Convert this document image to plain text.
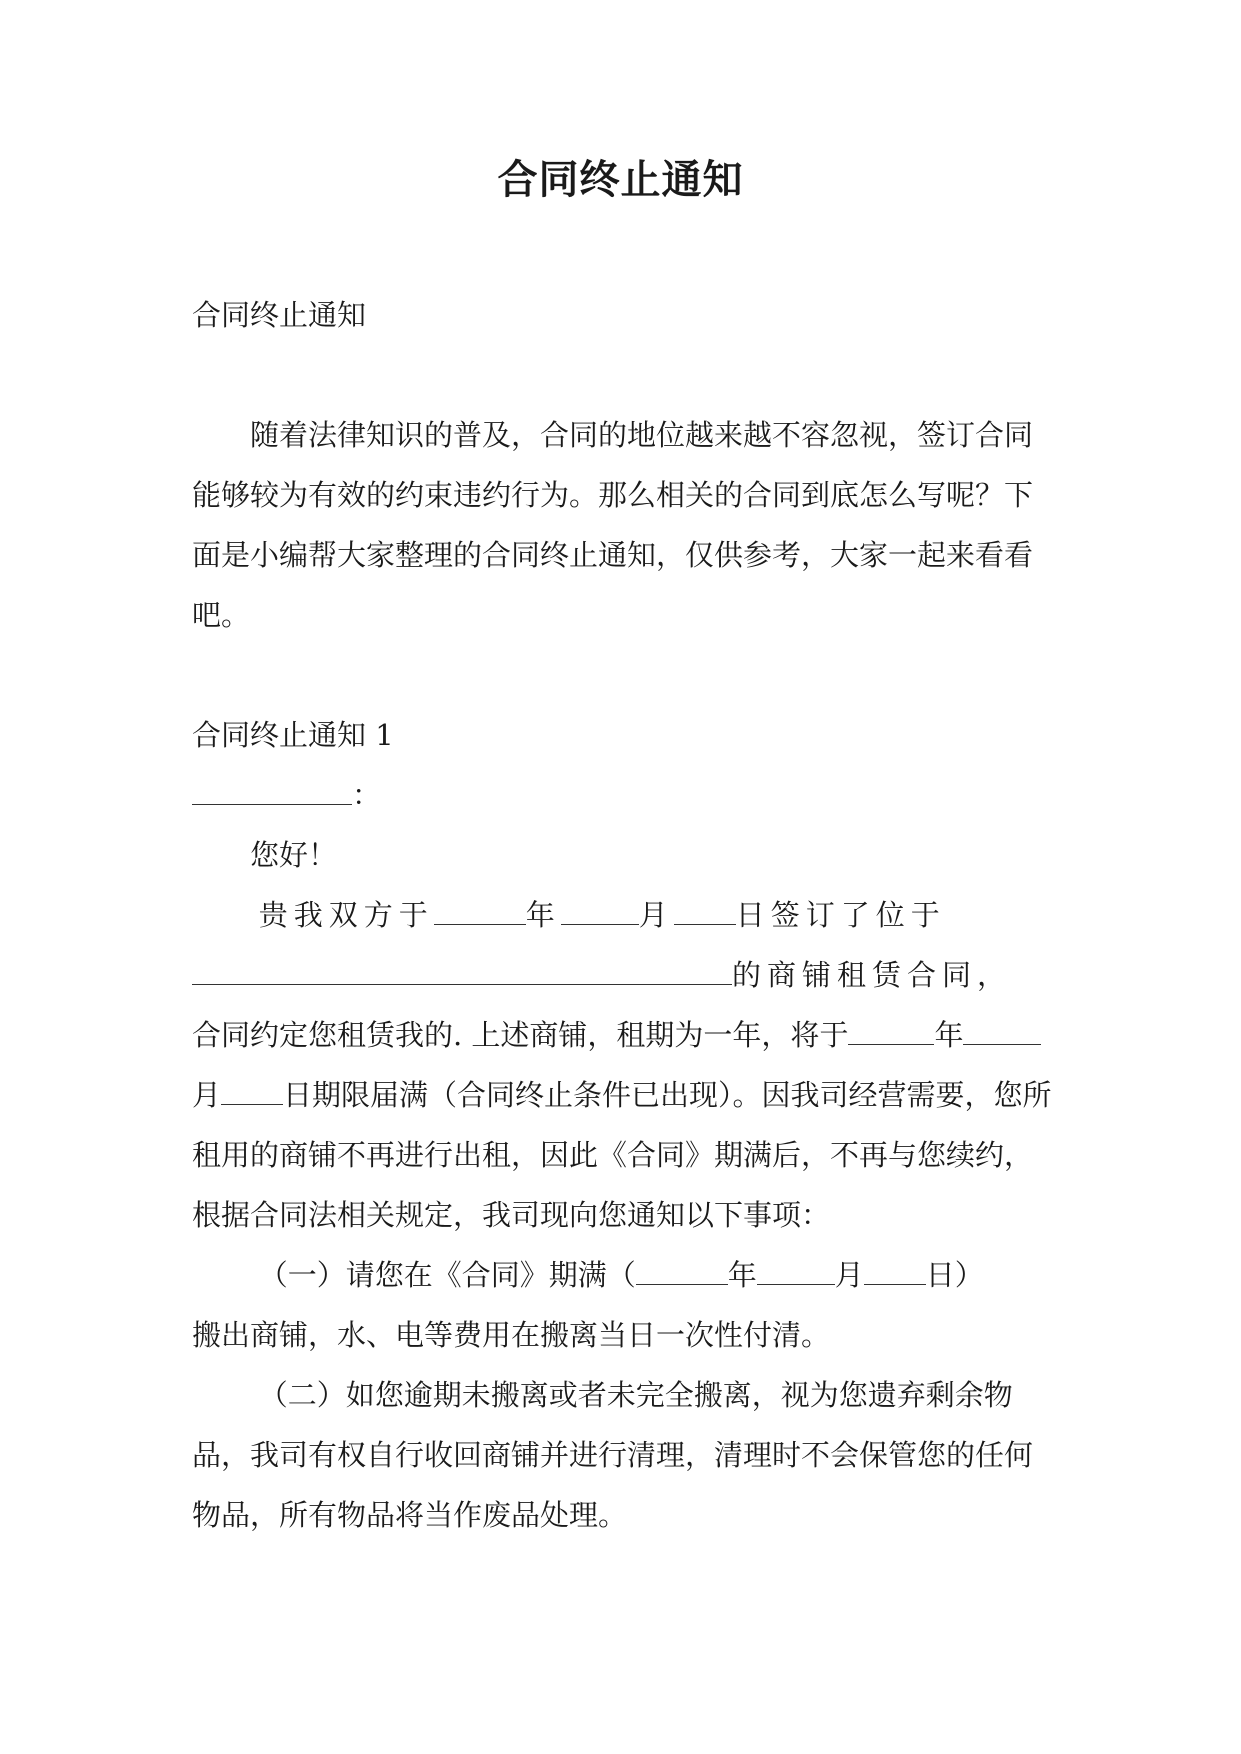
合同终止通知

合同终止通知

随着法律知识的普及，合同的地位越来越不容忽视，签订合同能够较为有效的约束违约行为。那么相关的合同到底怎么写呢？下面是小编帮大家整理的合同终止通知，仅供参考，大家一起来看看吧。

合同终止通知 1

：

您好！

贵我双方于	年	月 日签订了位于

的商铺租赁合同，

合同约定您租赁我的. 上述商铺，租期为一年，将于	年月 日期限届满（合同终止条件已出现）。因我司经营需要，您所租用的商铺不再进行出租，因此《合同》期满后，不再与您续约，根据合同法相关规定，我司现向您通知以下事项：

（一）请您在《合同》期满（	年	月 日）

搬出商铺，水、电等费用在搬离当日一次性付清。

（二）如您逾期未搬离或者未完全搬离，视为您遗弃剩余物品，我司有权自行收回商铺并进行清理，清理时不会保管您的任何物品，所有物品将当作废品处理。
